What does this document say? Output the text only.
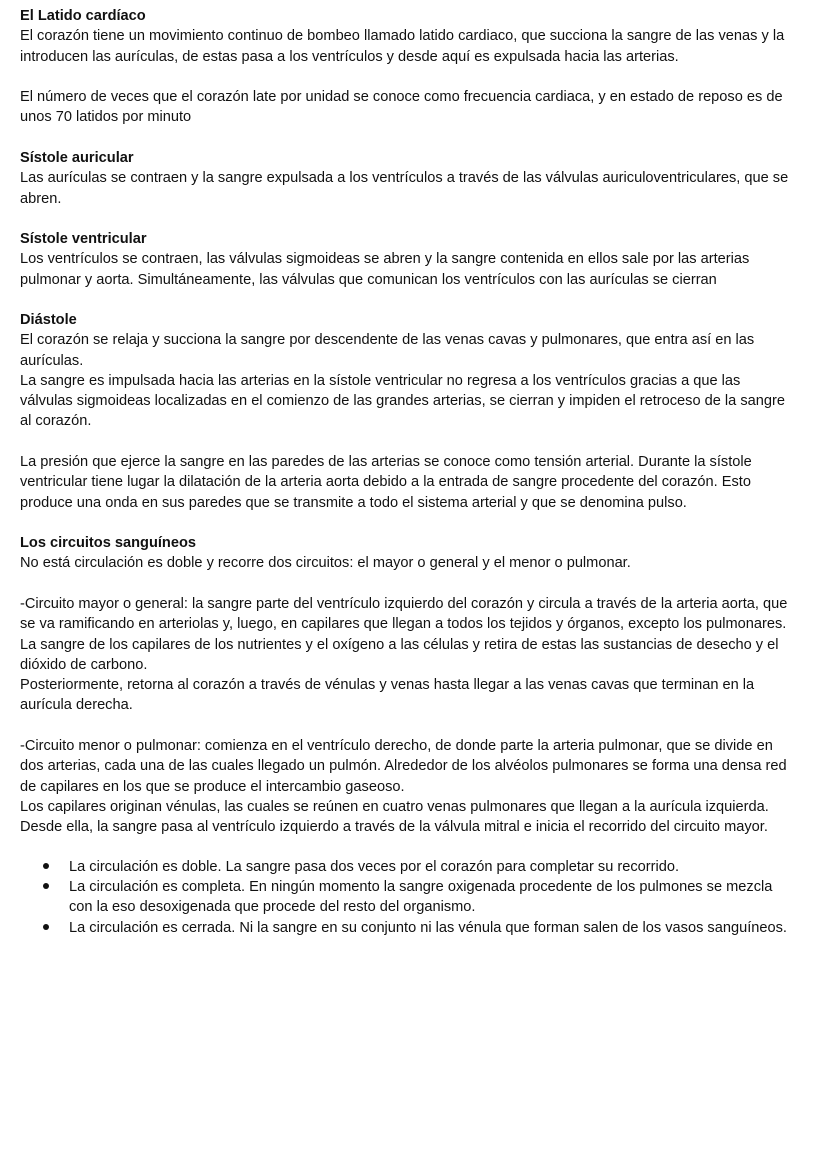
El Latido cardíaco
El corazón tiene un movimiento continuo de bombeo llamado latido cardiaco, que succiona la sangre de las venas y la
introducen las aurículas, de estas pasa a los ventrículos y desde aquí es expulsada hacia las arterias.
El número de veces que el corazón late por unidad se conoce como frecuencia cardiaca, y en estado de reposo es de
unos 70 latidos por minuto
Sístole auricular
Las aurículas se contraen y la sangre expulsada a los ventrículos a través de las válvulas auriculoventriculares, que se
abren.
Sístole ventricular
Los ventrículos se contraen, las válvulas sigmoideas se abren y la sangre contenida en ellos sale por las arterias
pulmonar y aorta. Simultáneamente, las válvulas que comunican los ventrículos con las aurículas se cierran
Diástole
El corazón se relaja y succiona la sangre por descendente de las venas cavas y pulmonares, que entra así en las
aurículas.
La sangre es impulsada hacia las arterias en la sístole ventricular no regresa a los ventrículos gracias a que las
válvulas sigmoideas localizadas en el comienzo de las grandes arterias, se cierran y impiden el retroceso de la sangre
al corazón.
La presión que ejerce la sangre en las paredes de las arterias se conoce como tensión arterial. Durante la sístole
ventricular tiene lugar la dilatación de la arteria aorta debido a la entrada de sangre procedente del corazón. Esto
produce una onda en sus paredes que se transmite a todo el sistema arterial y que se denomina pulso.
Los circuitos sanguíneos
No está circulación es doble y recorre dos circuitos: el mayor o general y el menor o pulmonar.
-Circuito mayor o general: la sangre parte del ventrículo izquierdo del corazón y circula a través de la arteria aorta, que
se va ramificando en arteriolas y, luego, en capilares que llegan a todos los tejidos y órganos, excepto los pulmonares.
La sangre de los capilares de los nutrientes y el oxígeno a las células y retira de estas las sustancias de desecho y el
dióxido de carbono.
Posteriormente, retorna al corazón a través de vénulas y venas hasta llegar a las venas cavas que terminan en la
aurícula derecha.
-Circuito menor o pulmonar: comienza en el ventrículo derecho, de donde parte la arteria pulmonar, que se divide en
dos arterias, cada una de las cuales llegado un pulmón. Alrededor de los alvéolos pulmonares se forma una densa red
de capilares en los que se produce el intercambio gaseoso.
Los capilares originan vénulas, las cuales se reúnen en cuatro venas pulmonares que llegan a la aurícula izquierda.
Desde ella, la sangre pasa al ventrículo izquierdo a través de la válvula mitral e inicia el recorrido del circuito mayor.
La circulación es doble. La sangre pasa dos veces por el corazón para completar su recorrido.
La circulación es completa. En ningún momento la sangre oxigenada procedente de los pulmones se mezcla
con la eso desoxigenada que procede del resto del organismo.
La circulación es cerrada. Ni la sangre en su conjunto ni las vénula que forman salen de los vasos sanguíneos.
